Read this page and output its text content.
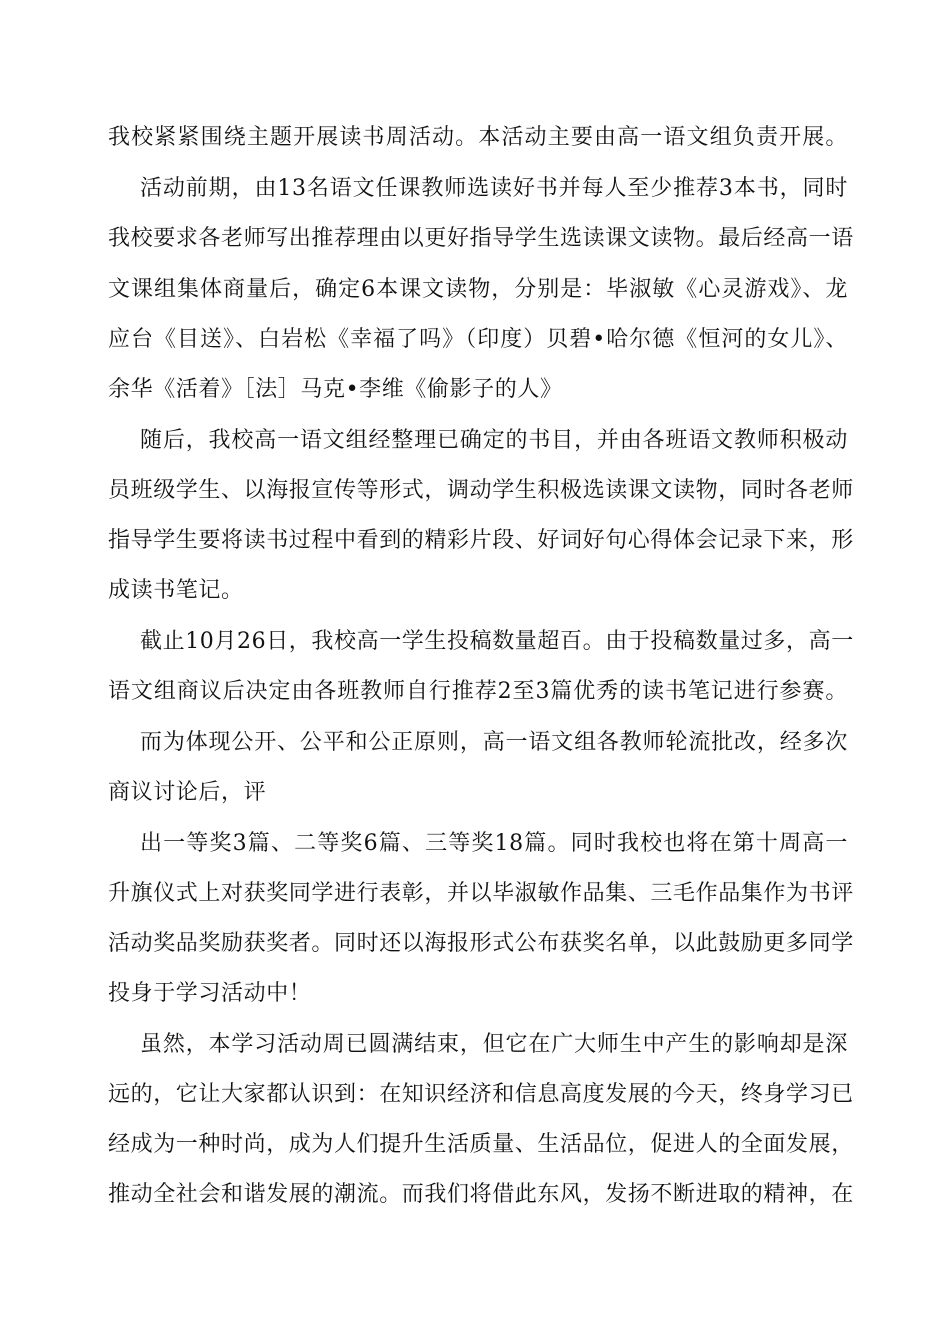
我校紧紧围绕主题开展读书周活动。本活动主要由高一语文组负责开展。
活动前期，由13名语文任课教师选读好书并每人至少推荐3本书，同时
我校要求各老师写出推荐理由以更好指导学生选读课文读物。最后经高一语
文课组集体商量后，确定6本课文读物，分别是：毕淑敏《心灵游戏》、龙
应台《目送》、白岩松《幸福了吗》（印度）贝碧•哈尔德《恒河的女儿》、
余华《活着》［法］马克•李维《偷影子的人》
随后，我校高一语文组经整理已确定的书目，并由各班语文教师积极动
员班级学生、以海报宣传等形式，调动学生积极选读课文读物，同时各老师
指导学生要将读书过程中看到的精彩片段、好词好句心得体会记录下来，形
成读书笔记。
截止10月26日，我校高一学生投稿数量超百。由于投稿数量过多，高一
语文组商议后决定由各班教师自行推荐2至3篇优秀的读书笔记进行参赛。
而为体现公开、公平和公正原则，高一语文组各教师轮流批改，经多次
商议讨论后，评
出一等奖3篇、二等奖6篇、三等奖18篇。同时我校也将在第十周高一
升旗仪式上对获奖同学进行表彰，并以毕淑敏作品集、三毛作品集作为书评
活动奖品奖励获奖者。同时还以海报形式公布获奖名单，以此鼓励更多同学
投身于学习活动中！
虽然，本学习活动周已圆满结束，但它在广大师生中产生的影响却是深
远的，它让大家都认识到：在知识经济和信息高度发展的今天，终身学习已
经成为一种时尚，成为人们提升生活质量、生活品位，促进人的全面发展，
推动全社会和谐发展的潮流。而我们将借此东风，发扬不断进取的精神，在
